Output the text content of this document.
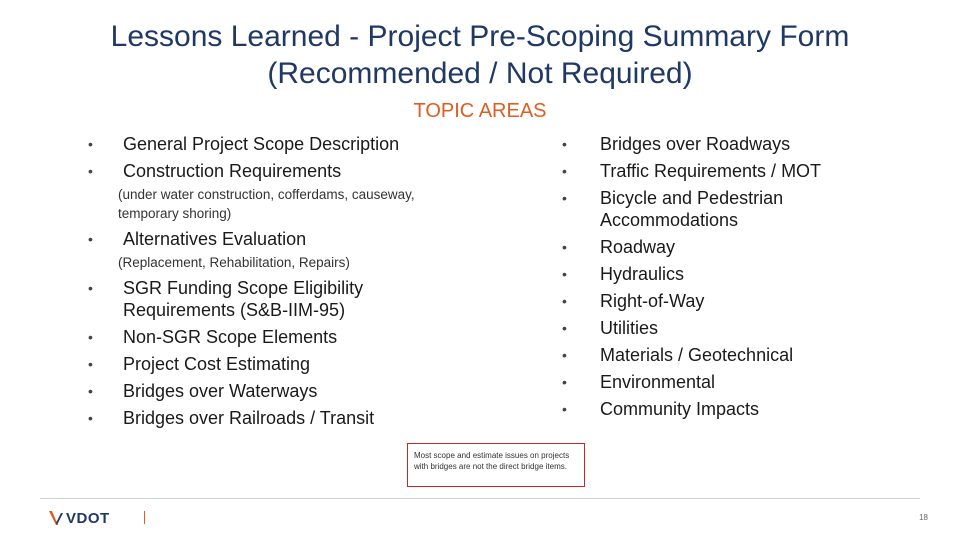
Lessons Learned - Project Pre-Scoping Summary Form
(Recommended / Not Required)
TOPIC AREAS
• General Project Scope Description
• Construction Requirements
(under water construction, cofferdams, causeway, temporary shoring)
• Alternatives Evaluation
(Replacement, Rehabilitation, Repairs)
• SGR Funding Scope Eligibility Requirements (S&B-IIM-95)
• Non-SGR Scope Elements
• Project Cost Estimating
• Bridges over Waterways
• Bridges over Railroads / Transit
• Bridges over Roadways
• Traffic Requirements / MOT
• Bicycle and Pedestrian Accommodations
• Roadway
• Hydraulics
• Right-of-Way
• Utilities
• Materials / Geotechnical
• Environmental
• Community Impacts
Most scope and estimate issues on projects with bridges are not the direct bridge items.
VDOT	18
